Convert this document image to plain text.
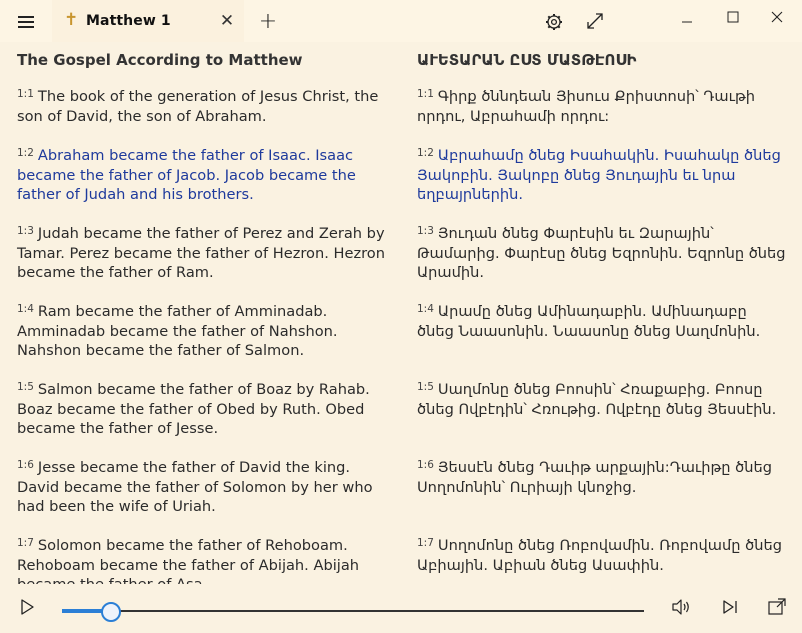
✝ Matthew 1	✕ +
The Gospel According to Matthew
$^{1:1}$ The book of the generation of Jesus Christ, the son of David, the son of Abraham.
$^{1:2}$ Abraham became the father of Isaac. Isaac became the father of Jacob. Jacob became the father of Judah and his brothers.
$^{1:3}$ Judah became the father of Perez and Zerah by Tamar. Perez became the father of Hezron. Hezron became the father of Ram.
$^{1:4}$ Ram became the father of Amminadab. Amminadab became the father of Nahshon. Nahshon became the father of Salmon.
$^{1:5}$ Salmon became the father of Boaz by Rahab. Boaz became the father of Obed by Ruth. Obed became the father of Jesse.
$^{1:6}$ Jesse became the father of David the king. David became the father of Solomon by her who had been the wife of Uriah.
$^{1:7}$ Solomon became the father of Rehoboam. Rehoboam became the father of Abijah. Abijah
ԱՒԵՏԱՐԱՆ ԸՍՏ ՄԱՏԹԷՈՍԻ
$^{1:1}$ Գիրք ծննդեան Յիսուս Քրիստոսի՝ Դաւթի որդու, Աբրահամի որդու:
$^{1:2}$ Աբրահամը ծնեց Իսահակին. Իսահակը ծնեց Յակոբին. Յակոբը ծնեց Յուդային եւ նրա եղբայրներին.
$^{1:3}$ Յուդան ծնեց Փարէսին եւ Զարային՝ Թամարից. Փարէսը ծնեց Եզրոնին. Եզրոնը ծնեց Արամին.
$^{1:4}$ Արամը ծնեց Ամինադաբին. Ամինադաբը ծնեց Նաասոնին. Նաասոնը ծնեց Սաղմոնին.
$^{1:5}$ Սաղմոնը ծնեց Բոոսին՝ Հռաքաբից. Բոոսը ծնեց Ովբէդին՝ Հռութից. Ովբէդը ծնեց Յեսսէին.
$^{1:6}$ Յեսսէն ծնեց Դաւիթ արքային:Դաւիթը ծնեց Սողոմոնին՝ Ուրիայի կնոջից.
$^{1:7}$ Սողոմոնը ծնեց Ռոբովամին. Ռոբովամը ծնեց Աբիային. Աբիան ծնեց Ասափին.
